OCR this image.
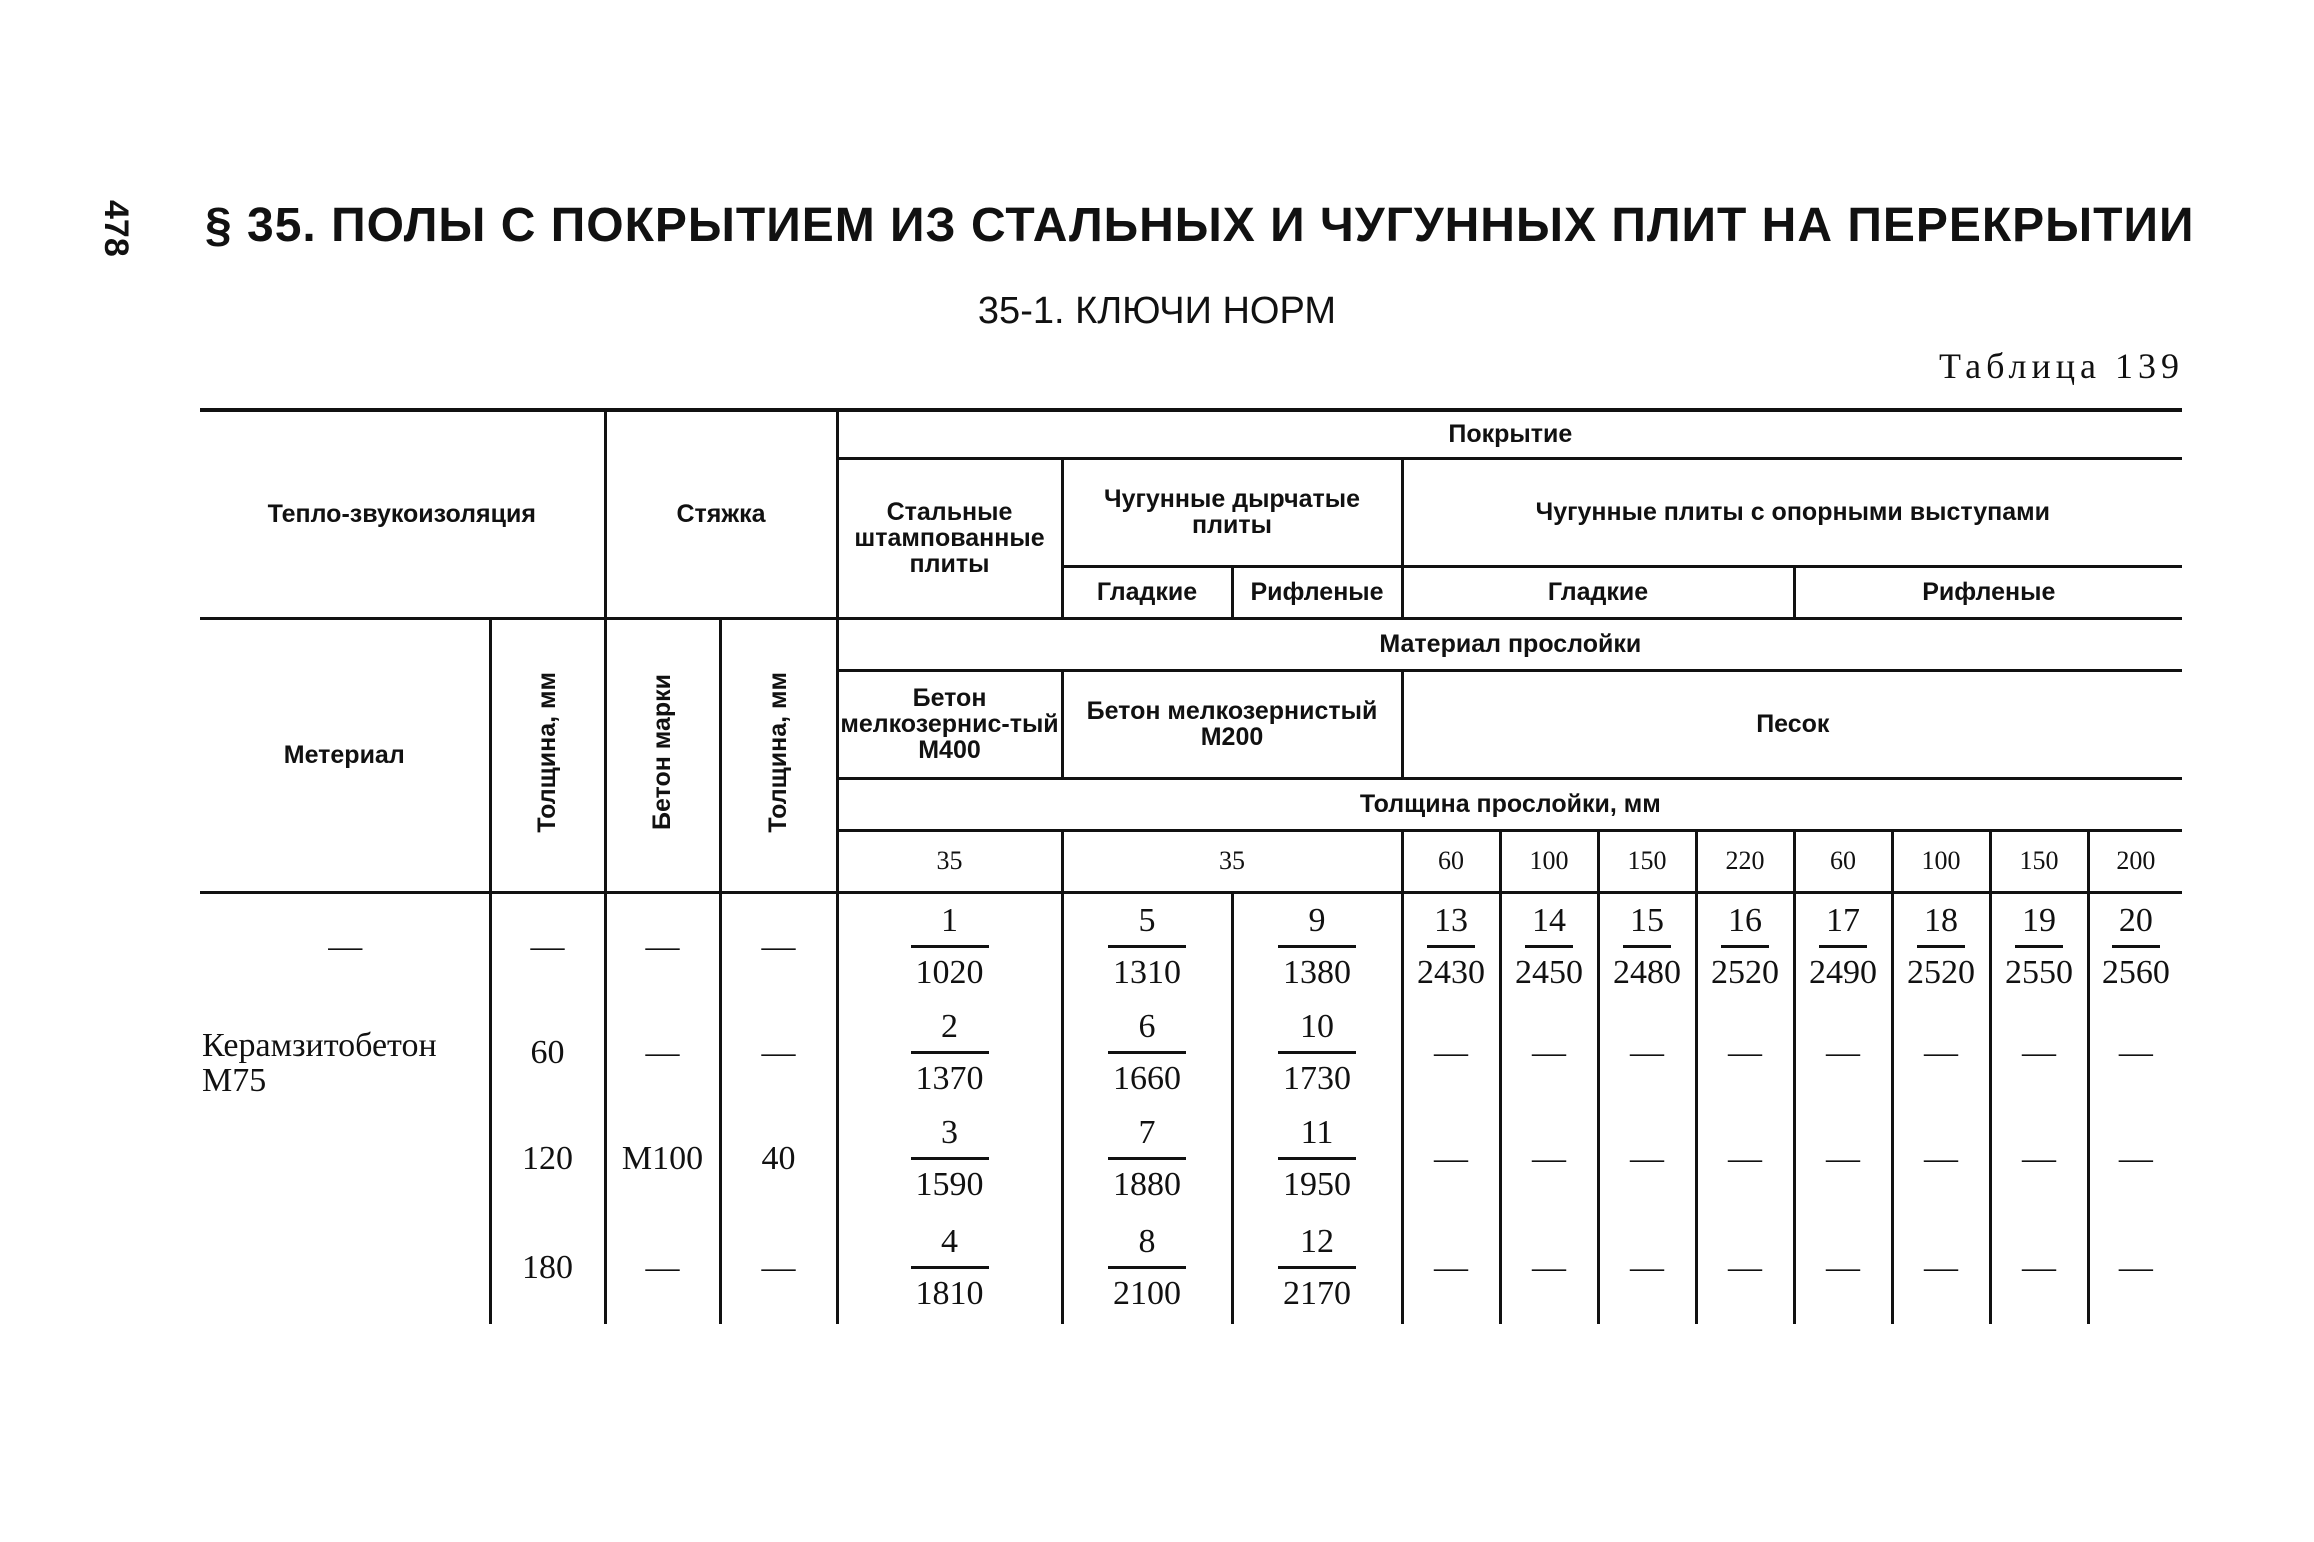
478 § 35. ПОЛЫ С ПОКРЫТИЕМ ИЗ СТАЛЬНЫХ И ЧУГУННЫХ ПЛИТ НА ПЕРЕКРЫТИИ
35-1. КЛЮЧИ НОРМ
Таблица 139
Тепло-звукоизоляция		Стяжка		Покрытие										
				Стальные штампованные плиты	Чугунные дырчатые плиты		Чугунные плиты с опорными выступами							
					Гладкие	Рифленые	Гладкие				Рифленые			
Метериал	Толщина, мм	Бетон марки	Толщина, мм	Материал прослойки										
				Бетон мелкозернис-тый М400	Бетон мелкозернистый М200		Песок							
				Толщина прослойки, мм										
				35	35		60	100	150	220	60	100	150	200
—	—	—	—	$\frac{1}{1020}$	$\frac{5}{1310}$	$\frac{9}{1380}$	$\frac{13}{2430}$	$\frac{14}{2450}$	$\frac{15}{2480}$	$\frac{16}{2520}$	$\frac{17}{2490}$	$\frac{18}{2520}$	$\frac{19}{2550}$	$\frac{20}{2560}$

Керамзитобетон М75	60	—	—	$\frac{2}{1370}$	$\frac{6}{1660}$	$\frac{10}{1730}$	—	—	—	—	—	—	—	—
	120	М100	40	$\frac{3}{1590}$	$\frac{7}{1880}$	$\frac{11}{1950}$	—	—	—	—	—	—	—	—
	180	—	—	$\frac{4}{1810}$	$\frac{8}{2100}$	$\frac{12}{2170}$	—	—	—	—	—	—	—	—
